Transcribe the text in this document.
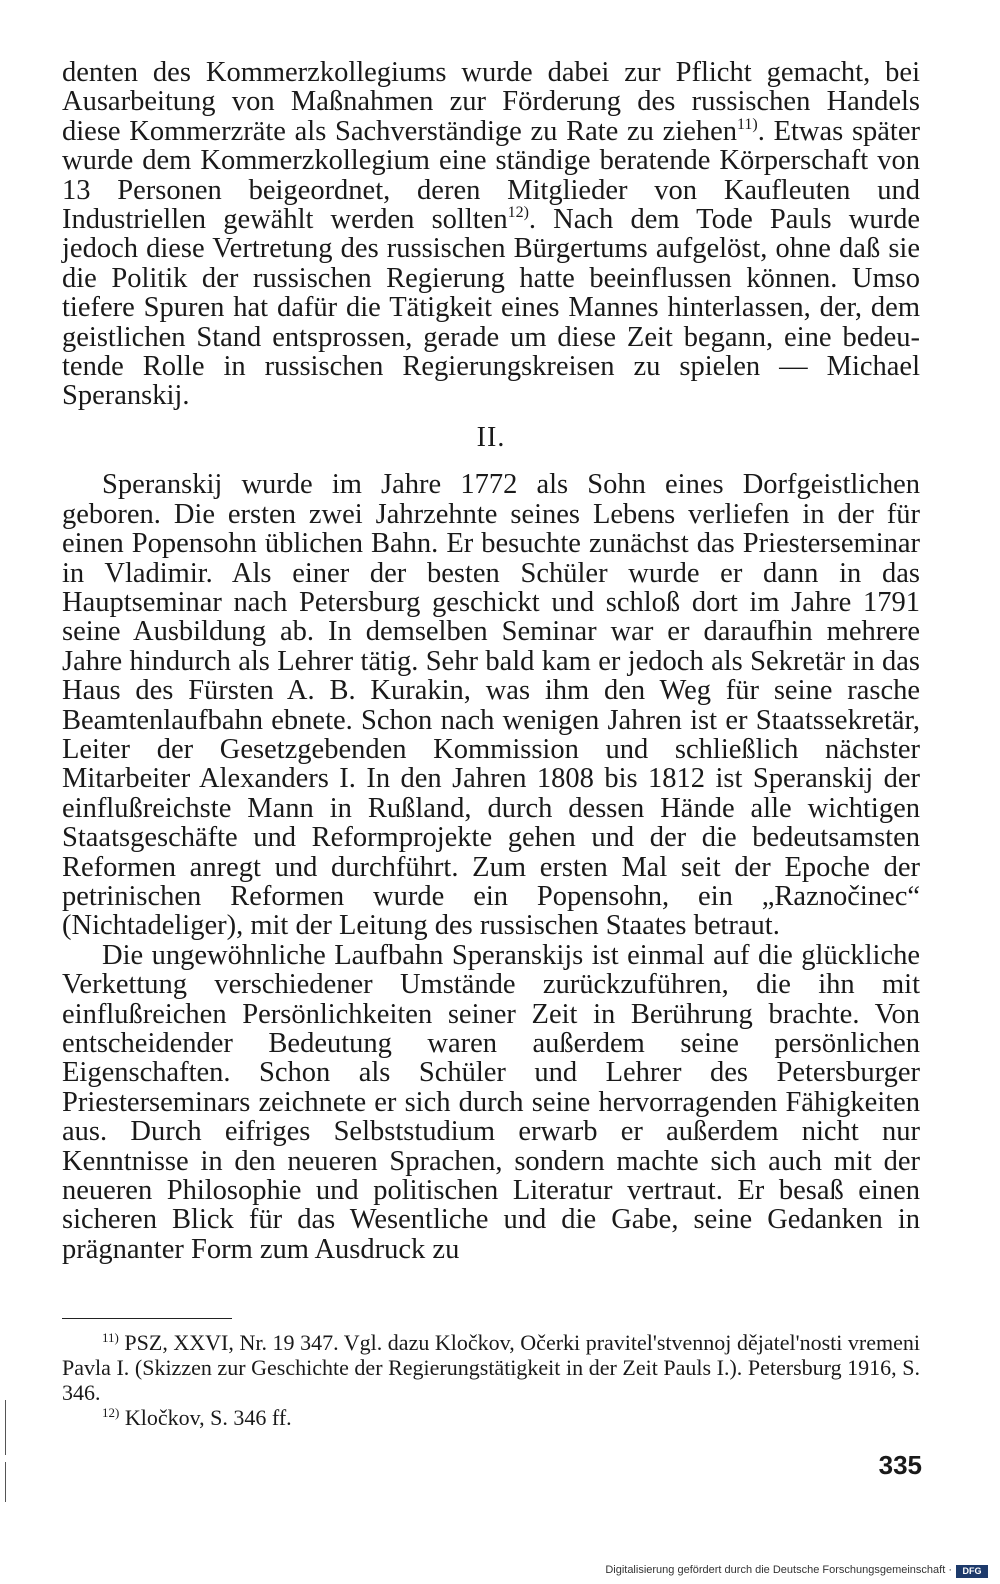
denten des Kommerzkollegiums wurde dabei zur Pflicht gemacht, bei Ausarbeitung von Maßnahmen zur Förderung des russischen Handels diese Kommerzräte als Sachverständige zu Rate zu ziehen$^{11)}$. Etwas später wurde dem Kommerzkollegium eine ständige beratende Körperschaft von 13 Personen beigeordnet, deren Mitglieder von Kaufleuten und Industriellen gewählt werden sollten$^{12)}$. Nach dem Tode Pauls wurde jedoch diese Vertretung des russischen Bürgertums aufgelöst, ohne daß sie die Politik der russischen Regierung hatte beeinflussen können. Umso tiefere Spuren hat dafür die Tätigkeit eines Mannes hinterlassen, der, dem geistlichen Stand entsprossen, gerade um diese Zeit begann, eine bedeutende Rolle in russischen Regierungskreisen zu spielen — Michael Speranskij.

II.

Speranskij wurde im Jahre 1772 als Sohn eines Dorfgeistlichen geboren. Die ersten zwei Jahrzehnte seines Lebens verliefen in der für einen Popensohn üblichen Bahn. Er besuchte zunächst das Priesterseminar in Vladimir. Als einer der besten Schüler wurde er dann in das Hauptseminar nach Petersburg geschickt und schloß dort im Jahre 1791 seine Ausbildung ab. In demselben Seminar war er daraufhin mehrere Jahre hindurch als Lehrer tätig. Sehr bald kam er jedoch als Sekretär in das Haus des Fürsten A. B. Kurakin, was ihm den Weg für seine rasche Beamtenlaufbahn ebnete. Schon nach wenigen Jahren ist er Staatssekretär, Leiter der Gesetzgebenden Kommission und schließlich nächster Mitarbeiter Alexanders I. In den Jahren 1808 bis 1812 ist Speranskij der einflußreichste Mann in Rußland, durch dessen Hände alle wichtigen Staatsgeschäfte und Reformprojekte gehen und der die bedeutsamsten Reformen anregt und durchführt. Zum ersten Mal seit der Epoche der petrinischen Reformen wurde ein Popensohn, ein „Raznočinec“ (Nichtadeliger), mit der Leitung des russischen Staates betraut.

Die ungewöhnliche Laufbahn Speranskijs ist einmal auf die glückliche Verkettung verschiedener Umstände zurückzuführen, die ihn mit einflußreichen Persönlichkeiten seiner Zeit in Berührung brachte. Von entscheidender Bedeutung waren außerdem seine persönlichen Eigenschaften. Schon als Schüler und Lehrer des Petersburger Priesterseminars zeichnete er sich durch seine hervorragenden Fähigkeiten aus. Durch eifriges Selbststudium erwarb er außerdem nicht nur Kenntnisse in den neueren Sprachen, sondern machte sich auch mit der neueren Philosophie und politischen Literatur vertraut. Er besaß einen sicheren Blick für das Wesentliche und die Gabe, seine Gedanken in prägnanter Form zum Ausdruck zu

$^{11)}$ PSZ, XXVI, Nr. 19 347. Vgl. dazu Kločkov, Očerki pravitel'stvennoj dějatel'nosti vremeni Pavla I. (Skizzen zur Geschichte der Regierungstätigkeit in der Zeit Pauls I.). Petersburg 1916, S. 346.

$^{12)}$ Kločkov, S. 346 ff.

335
Digitalisierung gefördert durch die Deutsche Forschungsgemeinschaft ·	DFG
